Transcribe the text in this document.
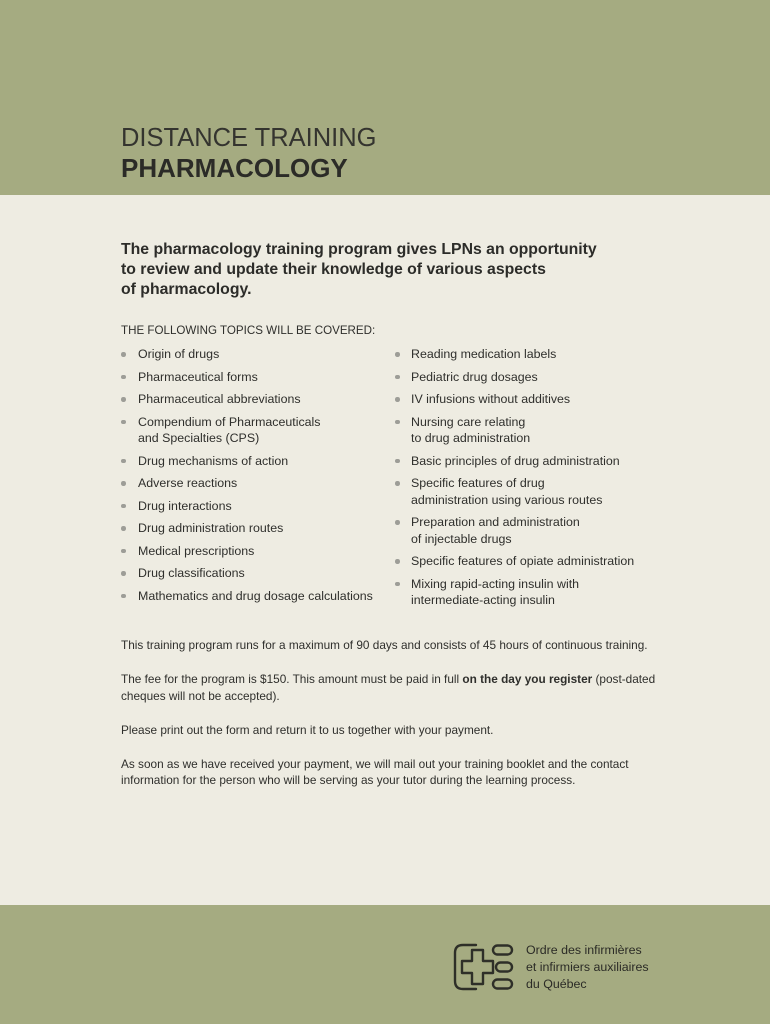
DISTANCE TRAINING
PHARMACOLOGY
The pharmacology training program gives LPNs an opportunity
to review and update their knowledge of various aspects
of pharmacology.
THE FOLLOWING TOPICS WILL BE COVERED:
Origin of drugs
Pharmaceutical forms
Pharmaceutical abbreviations
Compendium of Pharmaceuticals
and Specialties (CPS)
Drug mechanisms of action
Adverse reactions
Drug interactions
Drug administration routes
Medical prescriptions
Drug classifications
Mathematics and drug dosage calculations
Reading medication labels
Pediatric drug dosages
IV infusions without additives
Nursing care relating
to drug administration
Basic principles of drug administration
Specific features of drug
administration using various routes
Preparation and administration
of injectable drugs
Specific features of opiate administration
Mixing rapid-acting insulin with
intermediate-acting insulin

This training program runs for a maximum of 90 days and consists of 45 hours of continuous training.

The fee for the program is $150. This amount must be paid in full on the day you register (post-dated
cheques will not be accepted).

Please print out the form and return it to us together with your payment.

As soon as we have received your payment, we will mail out your training booklet and the contact
information for the person who will be serving as your tutor during the learning process.

Ordre des infirmières
et infirmiers auxiliaires
du Québec
